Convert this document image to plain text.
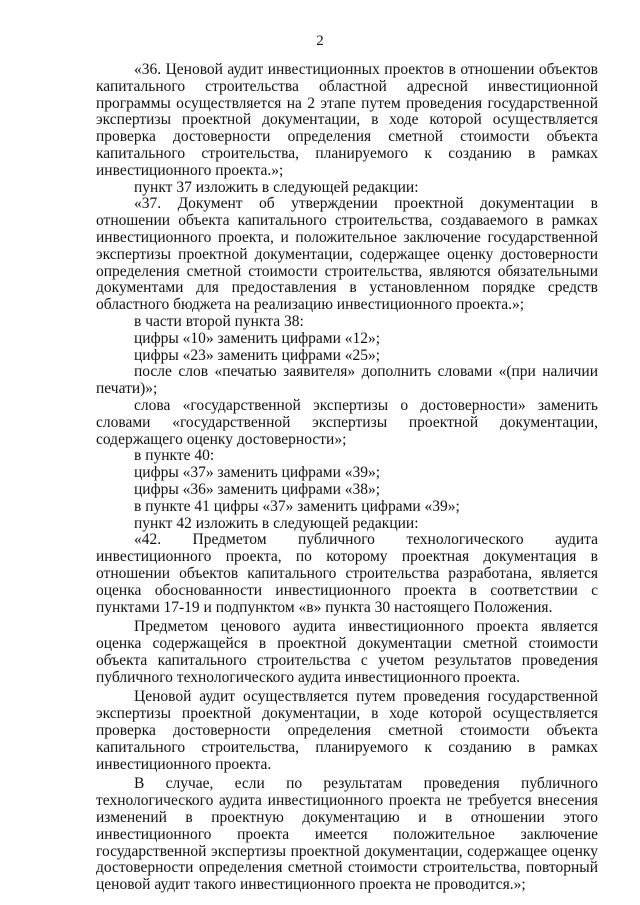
2

«36. Ценовой аудит инвестиционных проектов в отношении объектов капитального строительства областной адресной инвестиционной программы осуществляется на 2 этапе путем проведения государственной экспертизы проектной документации, в ходе которой осуществляется проверка достоверности определения сметной стоимости объекта капитального строительства, планируемого к созданию в рамках инвестиционного проекта.»;

пункт 37 изложить в следующей редакции:

«37. Документ об утверждении проектной документации в отношении объекта капитального строительства, создаваемого в рамках инвестиционного проекта, и положительное заключение государственной экспертизы проектной документации, содержащее оценку достоверности определения сметной стоимости строительства, являются обязательными документами для предоставления в установленном порядке средств областного бюджета на реализацию инвестиционного проекта.»;

в части второй пункта 38:

цифры «10» заменить цифрами «12»;

цифры «23» заменить цифрами «25»;

после слов «печатью заявителя» дополнить словами «(при наличии печати)»;

слова «государственной экспертизы о достоверности» заменить словами «государственной экспертизы проектной документации, содержащего оценку достоверности»;

в пункте 40:

цифры «37» заменить цифрами «39»;

цифры «36» заменить цифрами «38»;

в пункте 41 цифры «37» заменить цифрами «39»;

пункт 42 изложить в следующей редакции:

«42. Предметом публичного технологического аудита инвестиционного проекта, по которому проектная документация в отношении объектов капитального строительства разработана, является оценка обоснованности инвестиционного проекта в соответствии с пунктами 17-19 и подпунктом «в» пункта 30 настоящего Положения.

Предметом ценового аудита инвестиционного проекта является оценка содержащейся в проектной документации сметной стоимости объекта капитального строительства с учетом результатов проведения публичного технологического аудита инвестиционного проекта.

Ценовой аудит осуществляется путем проведения государственной экспертизы проектной документации, в ходе которой осуществляется проверка достоверности определения сметной стоимости объекта капитального строительства, планируемого к созданию в рамках инвестиционного проекта.

В случае, если по результатам проведения публичного технологического аудита инвестиционного проекта не требуется внесения изменений в проектную документацию и в отношении этого инвестиционного проекта имеется положительное заключение государственной экспертизы проектной документации, содержащее оценку достоверности определения сметной стоимости строительства, повторный ценовой аудит такого инвестиционного проекта не проводится.»;
